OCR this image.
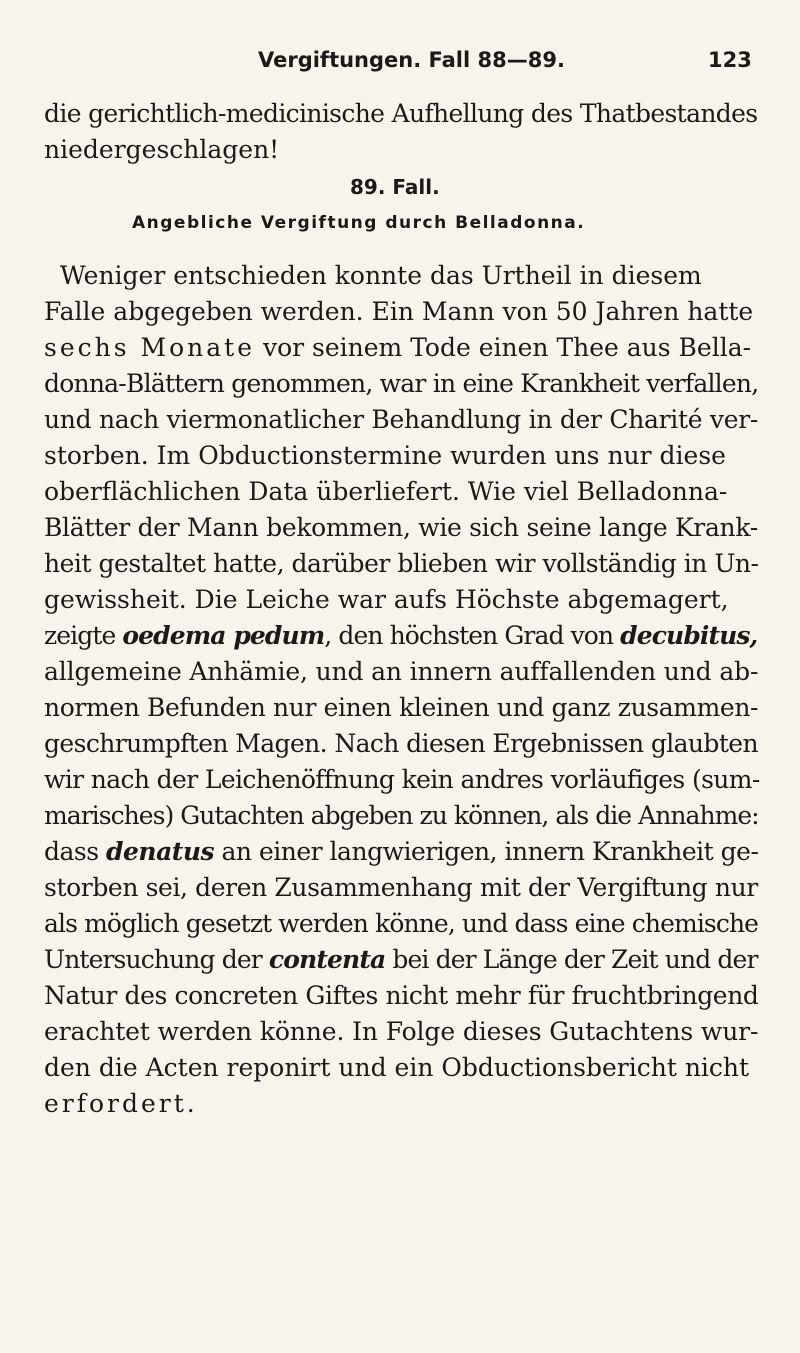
Vergiftungen. Fall 88—89.	123
die gerichtlich-medicinische Aufhellung des Thatbestandes
niedergeschlagen!
89. Fall.
Angebliche Vergiftung durch Belladonna.
Weniger entschieden konnte das Urtheil in diesem
Falle abgegeben werden. Ein Mann von 50 Jahren hatte
sechs Monate vor seinem Tode einen Thee aus Bella-
donna-Blättern genommen, war in eine Krankheit verfallen,
und nach viermonatlicher Behandlung in der Charité ver-
storben. Im Obductionstermine wurden uns nur diese
oberflächlichen Data überliefert. Wie viel Belladonna-
Blätter der Mann bekommen, wie sich seine lange Krank-
heit gestaltet hatte, darüber blieben wir vollständig in Un-
gewissheit. Die Leiche war aufs Höchste abgemagert,
zeigte oedema pedum, den höchsten Grad von decubitus,
allgemeine Anhämie, und an innern auffallenden und ab-
normen Befunden nur einen kleinen und ganz zusammen-
geschrumpften Magen. Nach diesen Ergebnissen glaubten
wir nach der Leichenöffnung kein andres vorläufiges (sum-
marisches) Gutachten abgeben zu können, als die Annahme:
dass denatus an einer langwierigen, innern Krankheit ge-
storben sei, deren Zusammenhang mit der Vergiftung nur
als möglich gesetzt werden könne, und dass eine chemische
Untersuchung der contenta bei der Länge der Zeit und der
Natur des concreten Giftes nicht mehr für fruchtbringend
erachtet werden könne. In Folge dieses Gutachtens wur-
den die Acten reponirt und ein Obductionsbericht nicht
erfordert.
